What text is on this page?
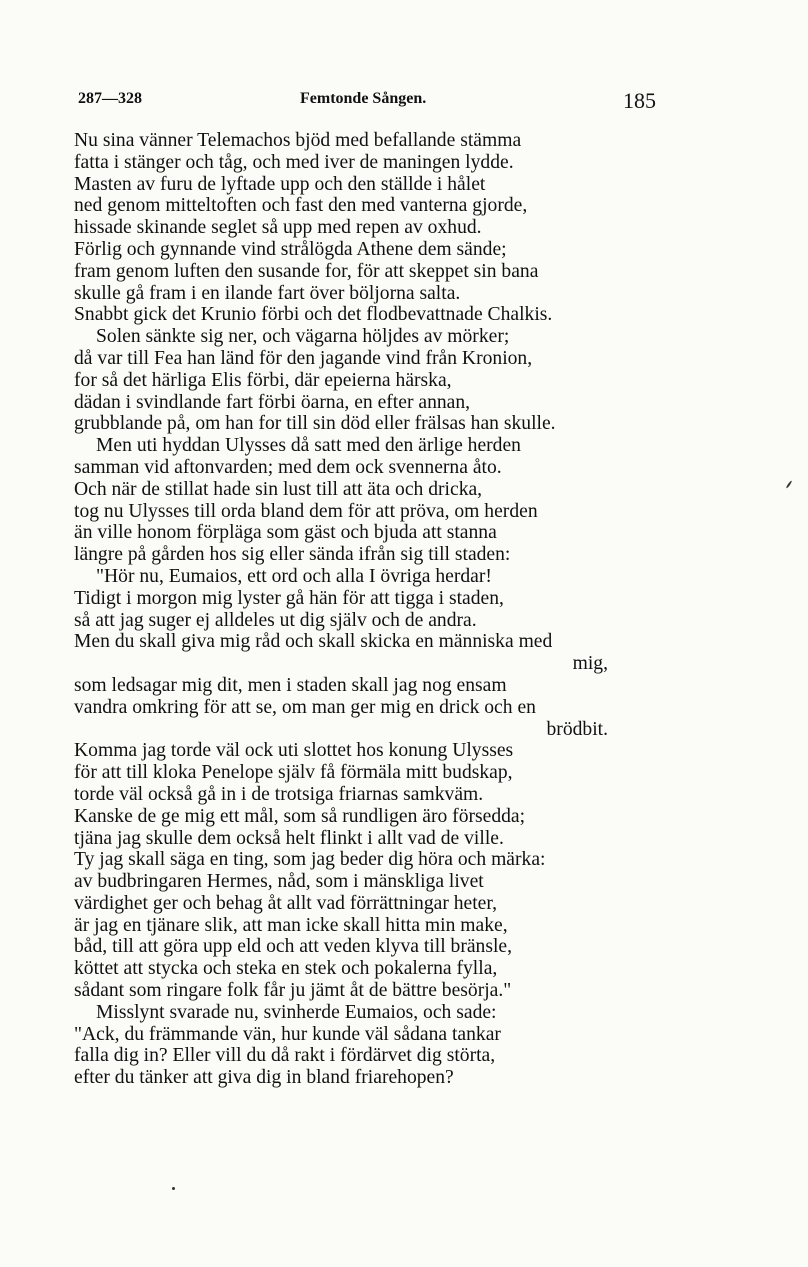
287—328	Femtonde Sången.	185
Nu sina vänner Telemachos bjöd med befallande stämma
fatta i stänger och tåg, och med iver de maningen lydde.
Masten av furu de lyftade upp och den ställde i hålet
ned genom mitteltoften och fast den med vanterna gjorde,
hissade skinande seglet så upp med repen av oxhud.
Förlig och gynnande vind strålögda Athene dem sände;
fram genom luften den susande for, för att skeppet sin bana
skulle gå fram i en ilande fart över böljorna salta.
Snabbt gick det Krunio förbi och det flodbevattnade Chalkis.
Solen sänkte sig ner, och vägarna höljdes av mörker;
då var till Fea han länd för den jagande vind från Kronion,
for så det härliga Elis förbi, där epeierna härska,
dädan i svindlande fart förbi öarna, en efter annan,
grubblande på, om han for till sin död eller frälsas han skulle.
Men uti hyddan Ulysses då satt med den ärlige herden
samman vid aftonvarden; med dem ock svennerna åto.
Och när de stillat hade sin lust till att äta och dricka,
tog nu Ulysses till orda bland dem för att pröva, om herden
än ville honom förpläga som gäst och bjuda att stanna
längre på gården hos sig eller sända ifrån sig till staden:
"Hör nu, Eumaios, ett ord och alla I övriga herdar!
Tidigt i morgon mig lyster gå hän för att tigga i staden,
så att jag suger ej alldeles ut dig själv och de andra.
Men du skall giva mig råd och skall skicka en människa med
mig,
som ledsagar mig dit, men i staden skall jag nog ensam
vandra omkring för att se, om man ger mig en drick och en
brödbit.
Komma jag torde väl ock uti slottet hos konung Ulysses
för att till kloka Penelope själv få förmäla mitt budskap,
torde väl också gå in i de trotsiga friarnas samkväm.
Kanske de ge mig ett mål, som så rundligen äro försedda;
tjäna jag skulle dem också helt flinkt i allt vad de ville.
Ty jag skall säga en ting, som jag beder dig höra och märka:
av budbringaren Hermes, nåd, som i mänskliga livet
värdighet ger och behag åt allt vad förrättningar heter,
är jag en tjänare slik, att man icke skall hitta min make,
båd, till att göra upp eld och att veden klyva till bränsle,
köttet att stycka och steka en stek och pokalerna fylla,
sådant som ringare folk får ju jämt åt de bättre besörja."
Misslynt svarade nu, svinherde Eumaios, och sade:
"Ack, du främmande vän, hur kunde väl sådana tankar
falla dig in? Eller vill du då rakt i fördärvet dig störta,
efter du tänker att giva dig in bland friarehopen?
